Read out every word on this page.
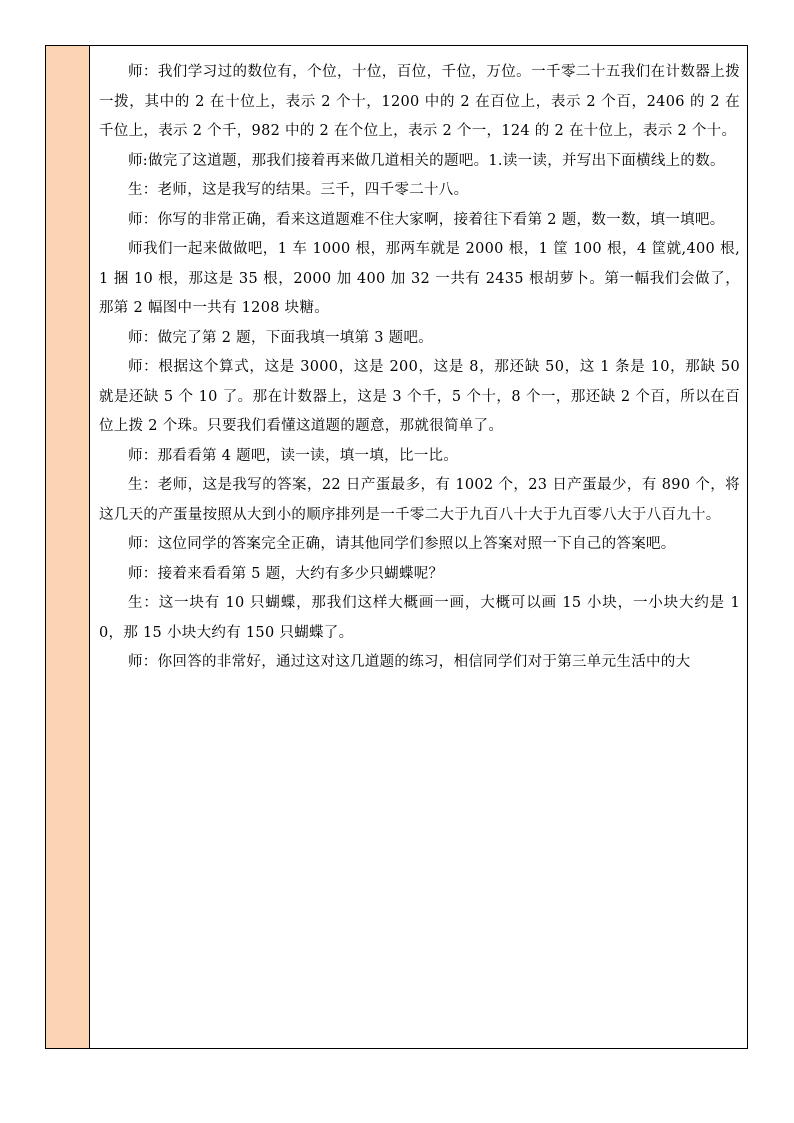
师：我们学习过的数位有，个位，十位，百位，千位，万位。一千零二十五我们在计数器上拨一拨，其中的 2 在十位上，表示 2 个十，1200 中的 2 在百位上，表示 2 个百，2406 的 2 在千位上，表示 2 个千，982 中的 2 在个位上，表示 2 个一，124 的 2 在十位上，表示 2 个十。

师:做完了这道题，那我们接着再来做几道相关的题吧。1.读一读，并写出下面横线上的数。

生：老师，这是我写的结果。三千，四千零二十八。

师：你写的非常正确，看来这道题难不住大家啊，接着往下看第 2 题，数一数，填一填吧。

师我们一起来做做吧，1 车 1000 根，那两车就是 2000 根，1 筐 100 根，4 筐就,400 根,1 捆 10 根，那这是 35 根，2000 加 400 加 32 一共有 2435 根胡萝卜。第一幅我们会做了，那第 2 幅图中一共有 1208 块糖。

师：做完了第 2 题，下面我填一填第 3 题吧。

师：根据这个算式，这是 3000，这是 200，这是 8，那还缺 50，这 1 条是 10，那缺 50 就是还缺 5 个 10 了。那在计数器上，这是 3 个千，5 个十，8 个一，那还缺 2 个百，所以在百位上拨 2 个珠。只要我们看懂这道题的题意，那就很简单了。

师：那看看第 4 题吧，读一读，填一填，比一比。

生：老师，这是我写的答案，22 日产蛋最多，有 1002 个，23 日产蛋最少，有 890 个，将这几天的产蛋量按照从大到小的顺序排列是一千零二大于九百八十大于九百零八大于八百九十。

师：这位同学的答案完全正确，请其他同学们参照以上答案对照一下自己的答案吧。

师：接着来看看第 5 题，大约有多少只蝴蝶呢？

生：这一块有 10 只蝴蝶，那我们这样大概画一画，大概可以画 15 小块，一小块大约是 10，那 15 小块大约有 150 只蝴蝶了。

师：你回答的非常好，通过这对这几道题的练习，相信同学们对于第三单元生活中的大
